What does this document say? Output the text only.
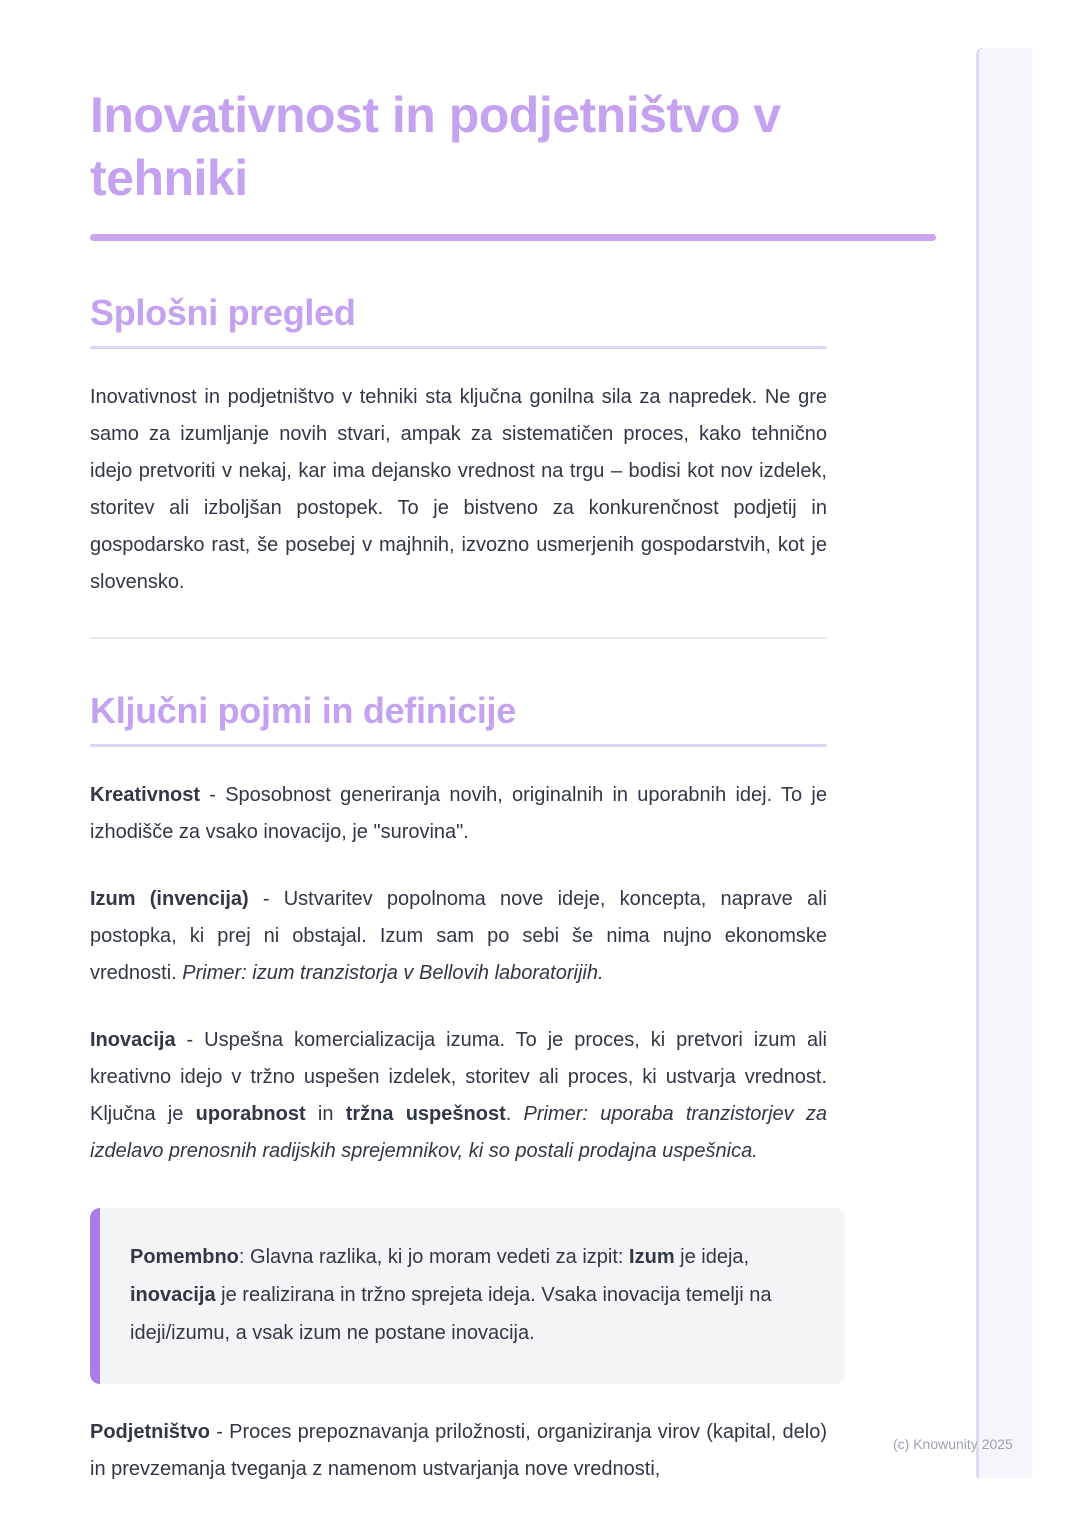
Inovativnost in podjetništvo v tehniki
Splošni pregled

Inovativnost in podjetništvo v tehniki sta ključna gonilna sila za napredek. Ne gre samo za izumljanje novih stvari, ampak za sistematičen proces, kako tehnično idejo pretvoriti v nekaj, kar ima dejansko vrednost na trgu – bodisi kot nov izdelek, storitev ali izboljšan postopek. To je bistveno za konkurenčnost podjetij in gospodarsko rast, še posebej v majhnih, izvozno usmerjenih gospodarstvih, kot je slovensko.

Ključni pojmi in definicije

Kreativnost - Sposobnost generiranja novih, originalnih in uporabnih idej. To je izhodišče za vsako inovacijo, je "surovina".

Izum (invencija) - Ustvaritev popolnoma nove ideje, koncepta, naprave ali postopka, ki prej ni obstajal. Izum sam po sebi še nima nujno ekonomske vrednosti. Primer: izum tranzistorja v Bellovih laboratorijih.

Inovacija - Uspešna komercializacija izuma. To je proces, ki pretvori izum ali kreativno idejo v tržno uspešen izdelek, storitev ali proces, ki ustvarja vrednost. Ključna je uporabnost in tržna uspešnost. Primer: uporaba tranzistorjev za izdelavo prenosnih radijskih sprejemnikov, ki so postali prodajna uspešnica.

Pomembno: Glavna razlika, ki jo moram vedeti za izpit: Izum je ideja, inovacija je realizirana in tržno sprejeta ideja. Vsaka inovacija temelji na ideji/izumu, a vsak izum ne postane inovacija.

Podjetništvo - Proces prepoznavanja priložnosti, organiziranja virov (kapital, delo) in prevzemanja tveganja z namenom ustvarjanja nove vrednosti,

(c) Knowunity 2025
